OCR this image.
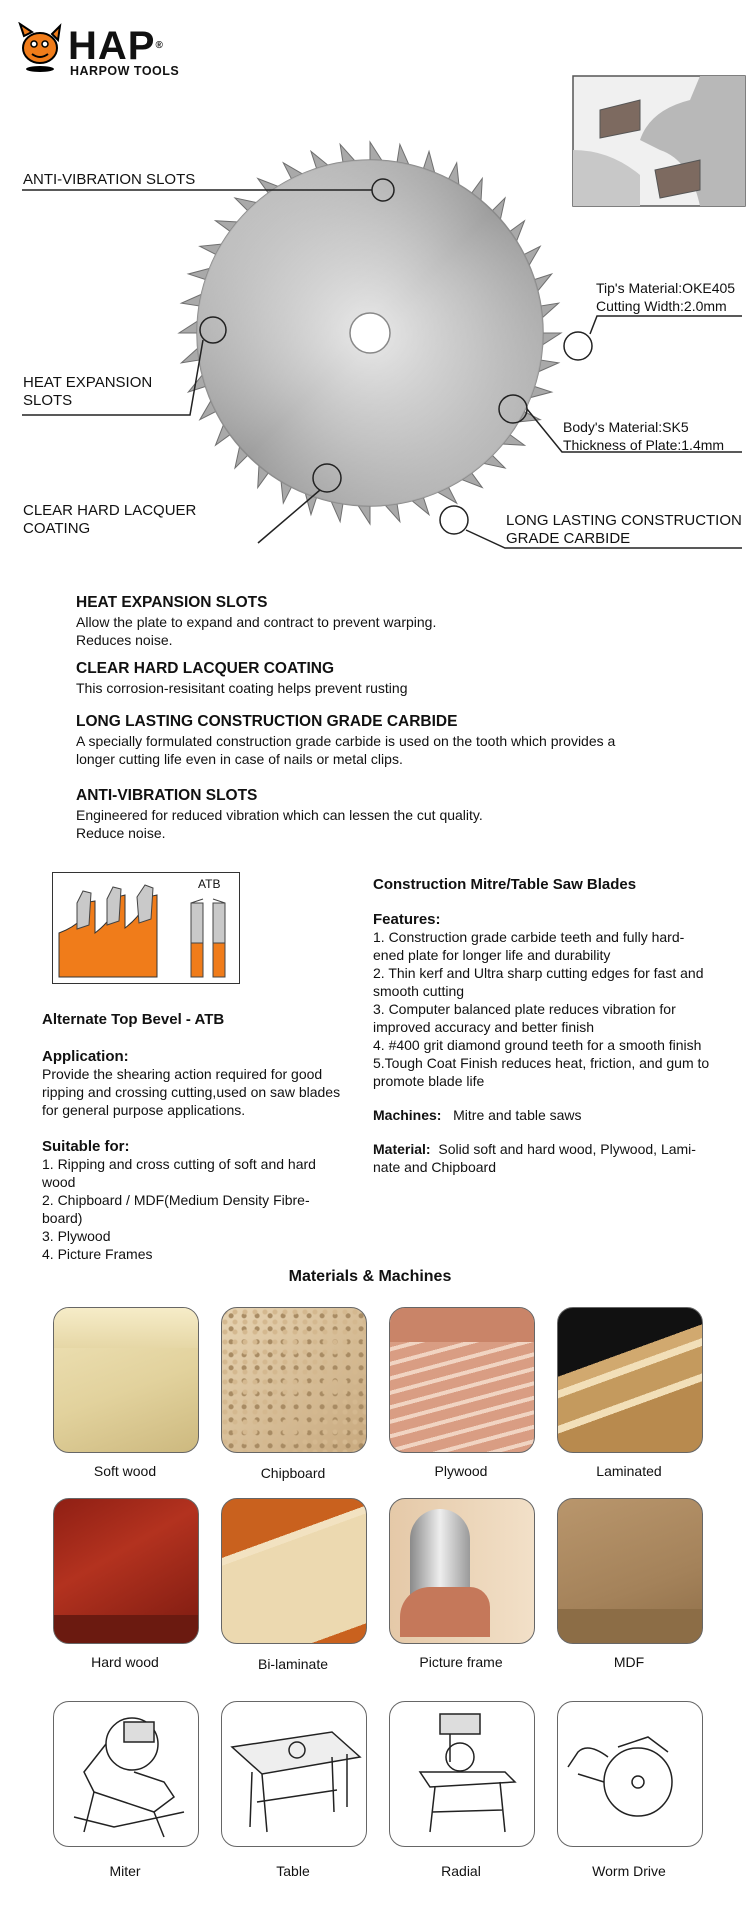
HAP®
HARPOW TOOLS
ANTI-VIBRATION SLOTS
HEAT EXPANSION
SLOTS
CLEAR HARD LACQUER
COATING
Tip's Material:OKE405
Cutting Width:2.0mm
Body's Material:SK5
Thickness of Plate:1.4mm
LONG LASTING CONSTRUCTION
GRADE CARBIDE
HEAT EXPANSION SLOTS
Allow the plate to expand and contract to prevent warping.
Reduces noise.
CLEAR HARD LACQUER COATING
This corrosion-resisitant coating helps prevent rusting
LONG LASTING CONSTRUCTION GRADE CARBIDE
A specially formulated construction grade carbide is used on the tooth which provides a
longer cutting life even in case of nails or metal clips.
ANTI-VIBRATION SLOTS
Engineered for reduced vibration which can lessen the cut quality.
Reduce noise.
ATB
Alternate Top Bevel - ATB
Application:
Provide the shearing action required for good
ripping and crossing cutting,used on saw blades
for general purpose applications.
Suitable for:
1. Ripping and cross cutting of soft and hard
wood
2. Chipboard / MDF(Medium Density Fibre-
board)
3. Plywood
4. Picture Frames
Construction Mitre/Table Saw Blades
Features:
1. Construction grade carbide teeth and fully hard-
ened plate for longer life and durability
2. Thin kerf and Ultra sharp cutting edges for fast and
smooth cutting
3. Computer balanced plate reduces vibration for
improved accuracy and better finish
4. #400 grit diamond ground teeth for a smooth finish
5.Tough Coat Finish reduces heat, friction, and gum to
promote blade life
Machines: Mitre and table saws
Material: Solid soft and hard wood, Plywood, Lami-
nate and Chipboard
Materials & Machines
Soft wood	Chipboard	Plywood	Laminated
Hard wood	Bi-laminate	Picture frame	MDF
Miter	Table	Radial	Worm Drive
